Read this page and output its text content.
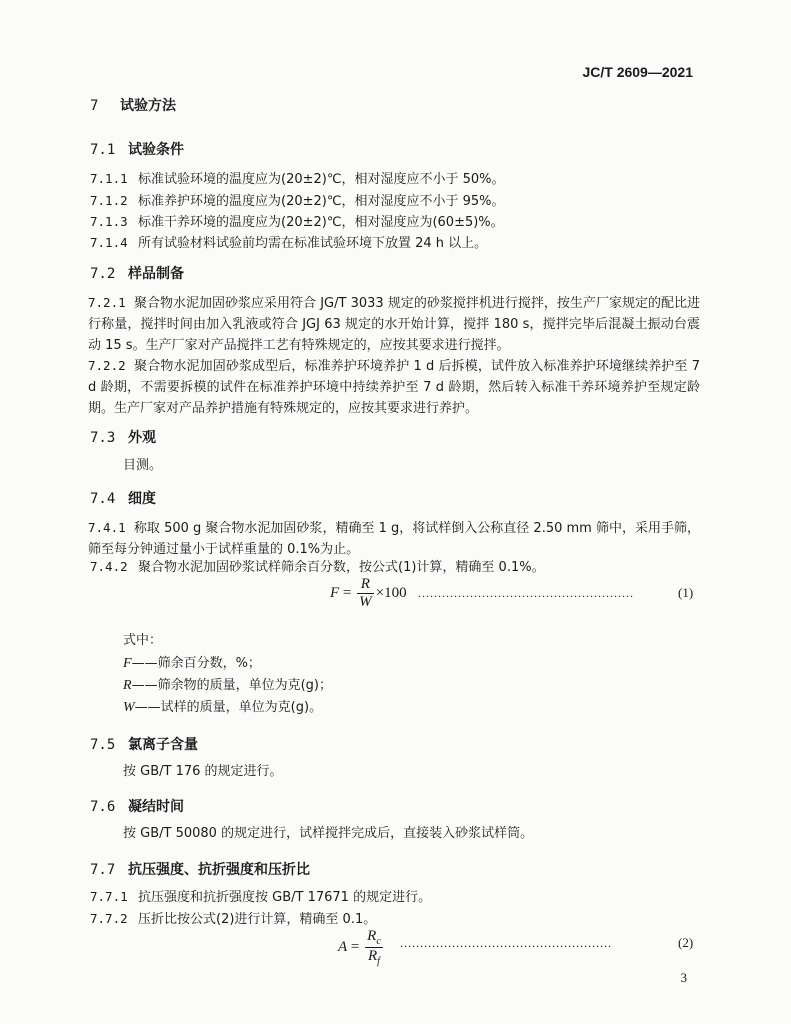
JC/T 2609—2021
7 试验方法
7.1 试验条件
7.1.1 标准试验环境的温度应为(20±2)℃，相对湿度应不小于 50%。
7.1.2 标准养护环境的温度应为(20±2)℃，相对湿度应不小于 95%。
7.1.3 标准干养环境的温度应为(20±2)℃，相对湿度应为(60±5)%。
7.1.4 所有试验材料试验前均需在标准试验环境下放置 24 h 以上。
7.2 样品制备
7.2.1 聚合物水泥加固砂浆应采用符合 JG/T 3033 规定的砂浆搅拌机进行搅拌，按生产厂家规定的配比进行称量，搅拌时间由加入乳液或符合 JGJ 63 规定的水开始计算，搅拌 180 s，搅拌完毕后混凝土振动台震动 15 s。生产厂家对产品搅拌工艺有特殊规定的，应按其要求进行搅拌。
7.2.2 聚合物水泥加固砂浆成型后，标准养护环境养护 1 d 后拆模，试件放入标准养护环境继续养护至 7 d 龄期，不需要拆模的试件在标准养护环境中持续养护至 7 d 龄期，然后转入标准干养环境养护至规定龄期。生产厂家对产品养护措施有特殊规定的，应按其要求进行养护。
7.3 外观
目测。
7.4 细度
7.4.1 称取 500 g 聚合物水泥加固砂浆，精确至 1 g，将试样倒入公称直径 2.50 mm 筛中，采用手筛，筛至每分钟通过量小于试样重量的 0.1%为止。
7.4.2 聚合物水泥加固砂浆试样筛余百分数，按公式(1)计算，精确至 0.1%。
$F = \frac{R}{W} \times 100$ ......................................................	(1)
式中：
F——筛余百分数，%；
R——筛余物的质量，单位为克(g)；
W——试样的质量，单位为克(g)。
7.5 氯离子含量
按 GB/T 176 的规定进行。
7.6 凝结时间
按 GB/T 50080 的规定进行，试样搅拌完成后，直接装入砂浆试样筒。
7.7 抗压强度、抗折强度和压折比
7.7.1 抗压强度和抗折强度按 GB/T 17671 的规定进行。
7.7.2 压折比按公式(2)进行计算，精确至 0.1。
$A = \frac{R_c}{R_f}$ .....................................................	(2)
3
